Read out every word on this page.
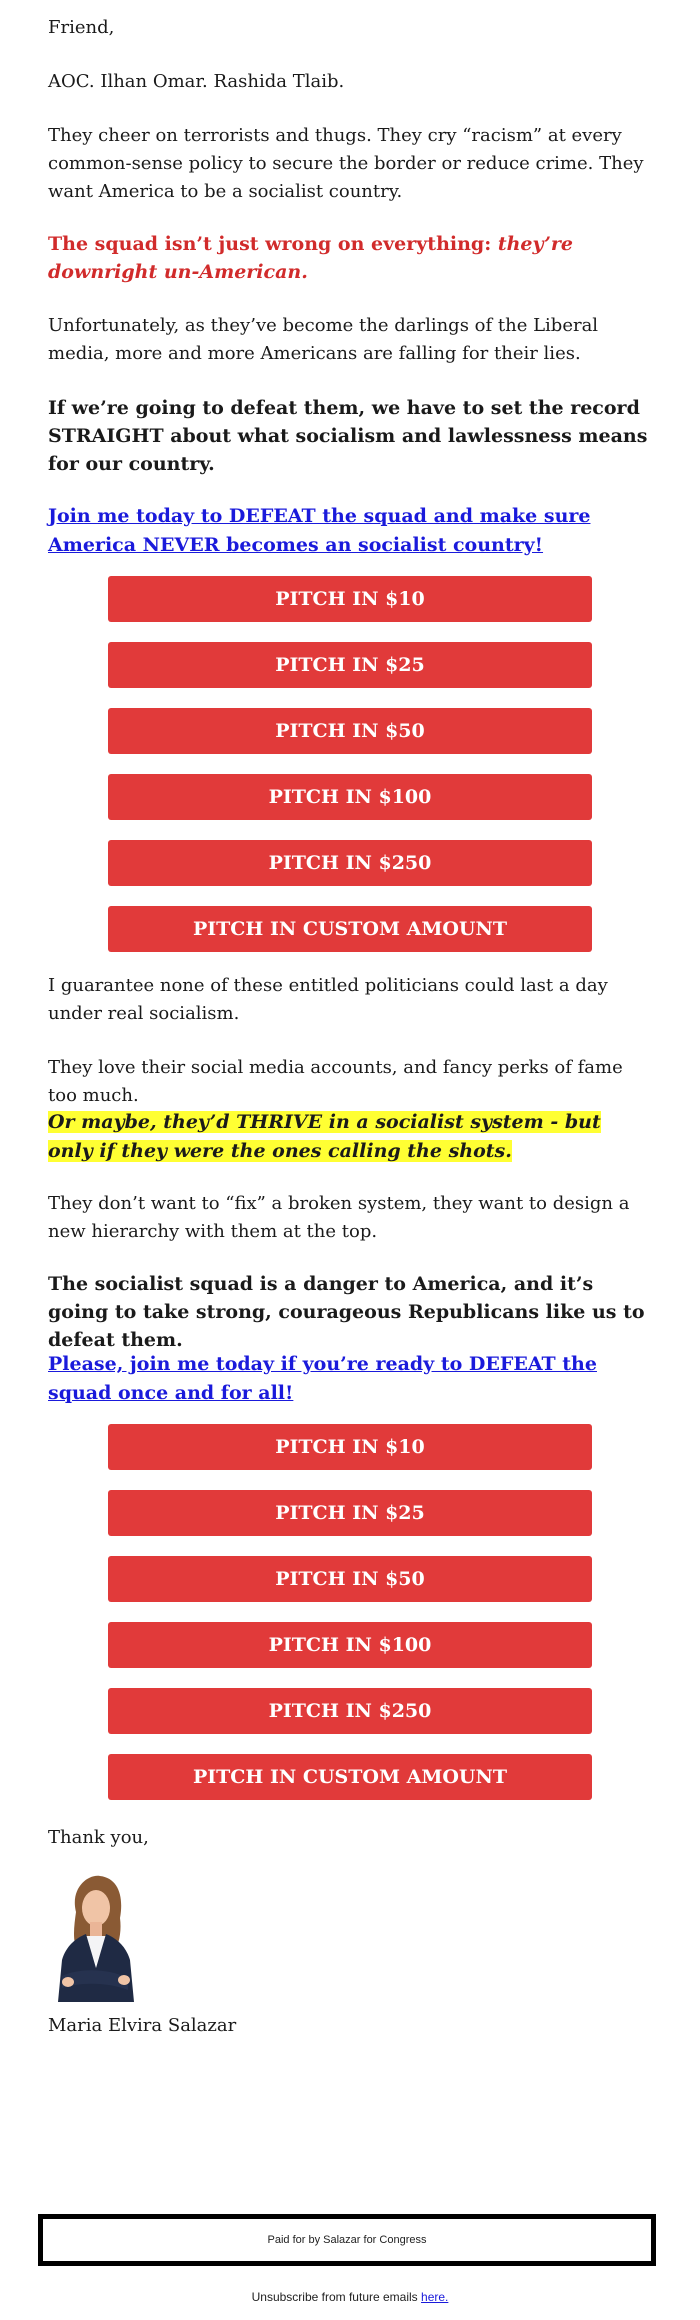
Friend,

AOC. Ilhan Omar. Rashida Tlaib.

They cheer on terrorists and thugs. They cry “racism” at every common-sense policy to secure the border or reduce crime. They want America to be a socialist country.

The squad isn’t just wrong on everything: they’re downright un-American.

Unfortunately, as they’ve become the darlings of the Liberal media, more and more Americans are falling for their lies.

If we’re going to defeat them, we have to set the record STRAIGHT about what socialism and lawlessness means for our country.

Join me today to DEFEAT the squad and make sure America NEVER becomes an socialist country!

PITCH IN $10
PITCH IN $25
PITCH IN $50
PITCH IN $100
PITCH IN $250
PITCH IN CUSTOM AMOUNT

I guarantee none of these entitled politicians could last a day under real socialism.

They love their social media accounts, and fancy perks of fame too much.

Or maybe, they’d THRIVE in a socialist system - but only if they were the ones calling the shots.

They don’t want to “fix” a broken system, they want to design a new hierarchy with them at the top.

The socialist squad is a danger to America, and it’s going to take strong, courageous Republicans like us to defeat them.

Please, join me today if you’re ready to DEFEAT the squad once and for all!

PITCH IN $10
PITCH IN $25
PITCH IN $50
PITCH IN $100
PITCH IN $250
PITCH IN CUSTOM AMOUNT

Thank you,

Maria Elvira Salazar

Paid for by Salazar for Congress
Unsubscribe from future emails here.
